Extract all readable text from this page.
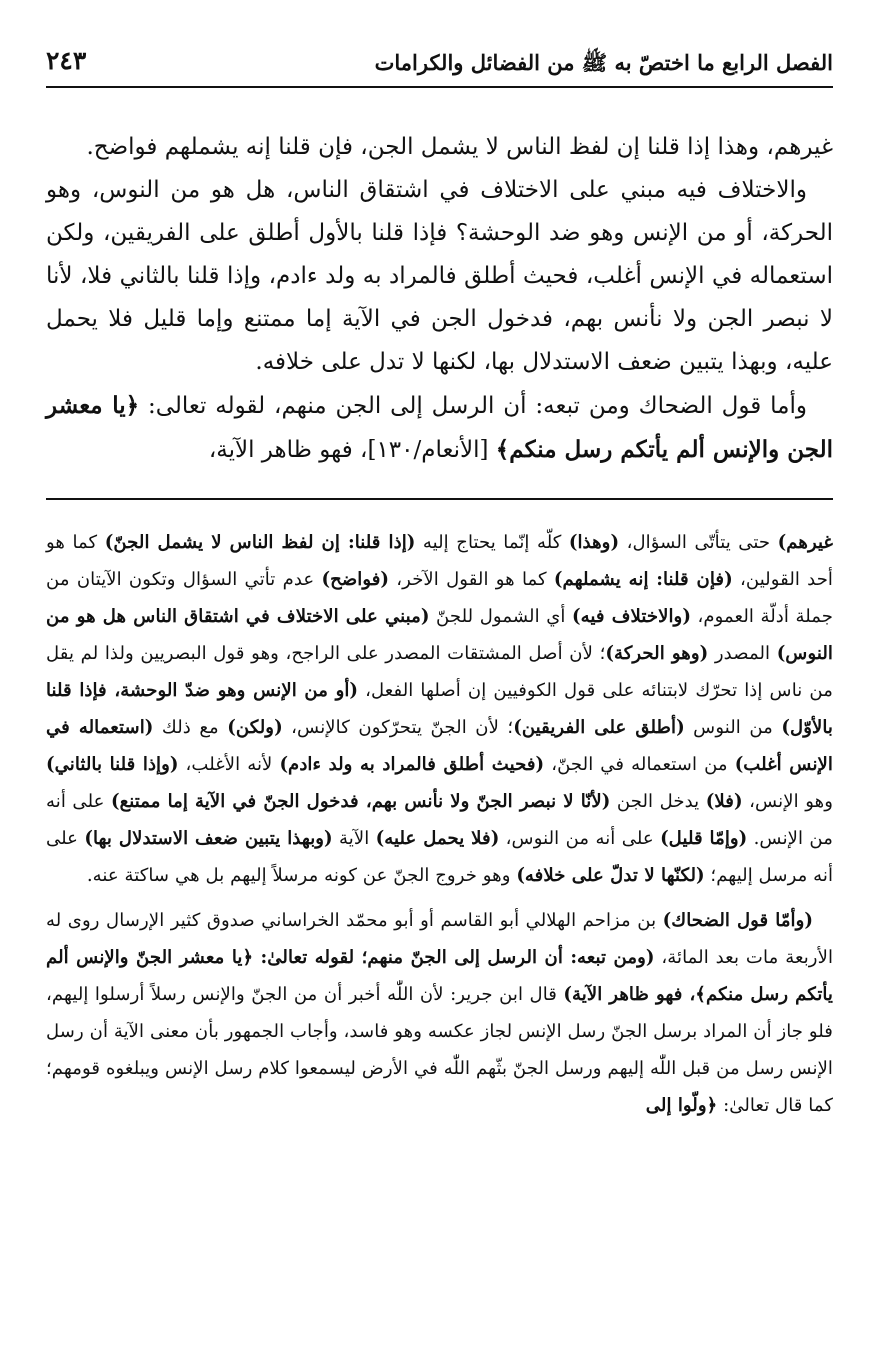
الفصل الرابع ما اختصّ به ﷺ من الفضائل والكرامات
٢٤٣

غيرهم، وهذا إذا قلنا إن لفظ الناس لا يشمل الجن، فإن قلنا إنه يشملهم فواضح.

والاختلاف فيه مبني على الاختلاف في اشتقاق الناس، هل هو من النوس، وهو الحركة، أو من الإنس وهو ضد الوحشة؟ فإذا قلنا بالأول أطلق على الفريقين، ولكن استعماله في الإنس أغلب، فحيث أطلق فالمراد به ولد ءادم، وإذا قلنا بالثاني فلا، لأنا لا نبصر الجن ولا نأنس بهم، فدخول الجن في الآية إما ممتنع وإما قليل فلا يحمل عليه، وبهذا يتبين ضعف الاستدلال بها، لكنها لا تدل على خلافه.

وأما قول الضحاك ومن تبعه: أن الرسل إلى الجن منهم، لقوله تعالى: ﴿يا معشر الجن والإنس ألم يأتكم رسل منكم﴾ [الأنعام/١٣٠]، فهو ظاهر الآية،

غيرهم) حتى يتأتّى السؤال، (وهذا) كلّه إنّما يحتاج إليه (إذا قلنا: إن لفظ الناس لا يشمل الجنّ) كما هو أحد القولين، (فإن قلنا: إنه يشملهم) كما هو القول الآخر، (فواضح) عدم تأتي السؤال وتكون الآيتان من جملة أدلّة العموم، (والاختلاف فيه) أي الشمول للجنّ (مبني على الاختلاف في اشتقاق الناس هل هو من النوس) المصدر (وهو الحركة)؛ لأن أصل المشتقات المصدر على الراجح، وهو قول البصريين ولذا لم يقل من ناس إذا تحرّك لابتنائه على قول الكوفيين إن أصلها الفعل، (أو من الإنس وهو ضدّ الوحشة، فإذا قلنا بالأوّل) من النوس (أطلق على الفريقين)؛ لأن الجنّ يتحرّكون كالإنس، (ولكن) مع ذلك (استعماله في الإنس أغلب) من استعماله في الجنّ، (فحيث أطلق فالمراد به ولد ءادم) لأنه الأغلب، (وإذا قلنا بالثاني) وهو الإنس، (فلا) يدخل الجن (لأنّا لا نبصر الجنّ ولا نأنس بهم، فدخول الجنّ في الآية إما ممتنع) على أنه من الإنس. (وإمّا قليل) على أنه من النوس، (فلا يحمل عليه) الآية (وبهذا يتبين ضعف الاستدلال بها) على أنه مرسل إليهم؛ (لكنّها لا تدلّ على خلافه) وهو خروج الجنّ عن كونه مرسلاً إليهم بل هي ساكتة عنه.

(وأمّا قول الضحاك) بن مزاحم الهلالي أبو القاسم أو أبو محمّد الخراساني صدوق كثير الإرسال روى له الأربعة مات بعد المائة، (ومن تبعه: أن الرسل إلى الجنّ منهم؛ لقوله تعالىٰ: ﴿يا معشر الجنّ والإنس ألم يأتكم رسل منكم﴾، فهو ظاهر الآية) قال ابن جرير: لأن اللّٰه أخبر أن من الجنّ والإنس رسلاً أرسلوا إليهم، فلو جاز أن المراد برسل الجنّ رسل الإنس لجاز عكسه وهو فاسد، وأجاب الجمهور بأن معنى الآية أن رسل الإنس رسل من قبل اللّٰه إليهم ورسل الجنّ بثّهم اللّٰه في الأرض ليسمعوا كلام رسل الإنس ويبلغوه قومهم؛ كما قال تعالىٰ: ﴿ولّوا إلى
